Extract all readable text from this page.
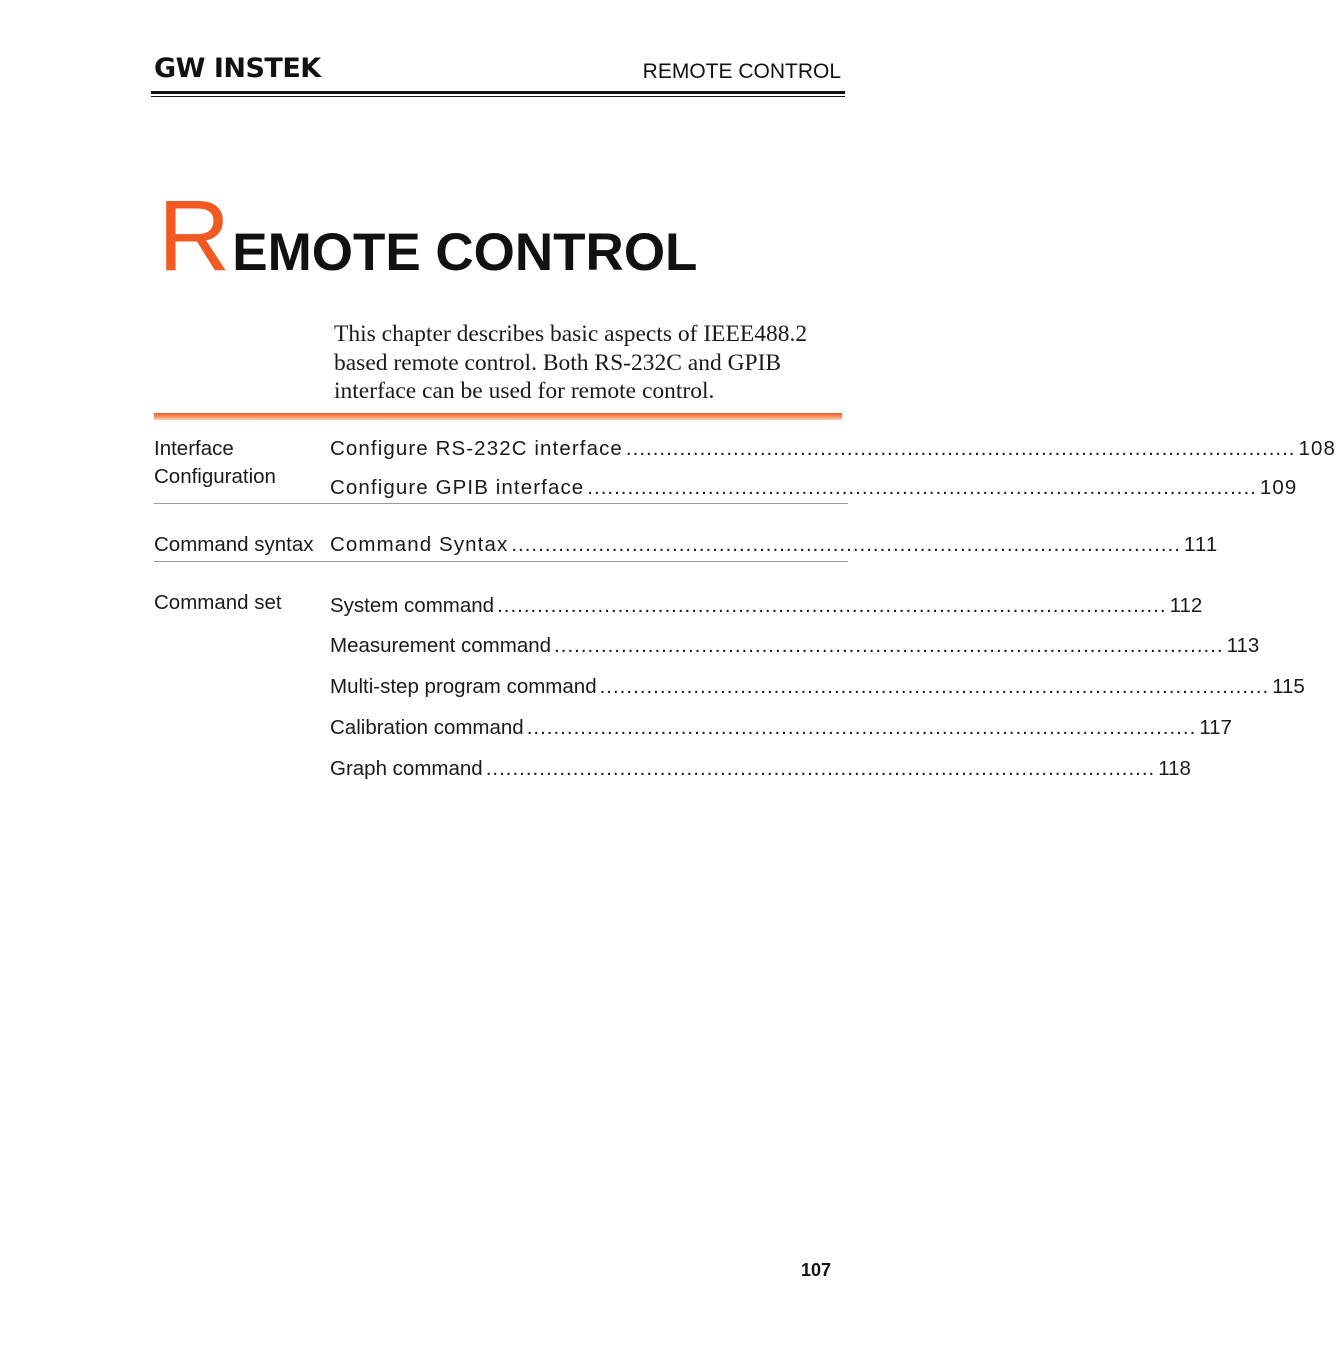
GW INSTEK	REMOTE CONTROL
R EMOTE CONTROL
This chapter describes basic aspects of IEEE488.2 based remote control. Both RS-232C and GPIB interface can be used for remote control.
Interface Configuration
Configure RS-232C interface .................................................................................................... 108
Configure GPIB interface .................................................................................................... 109
Command syntax Command Syntax .................................................................................................... 111
Command set	System command .................................................................................................... 112
Measurement command .................................................................................................... 113
Multi-step program command .................................................................................................... 115
Calibration command .................................................................................................... 117
Graph command .................................................................................................... 118
107
